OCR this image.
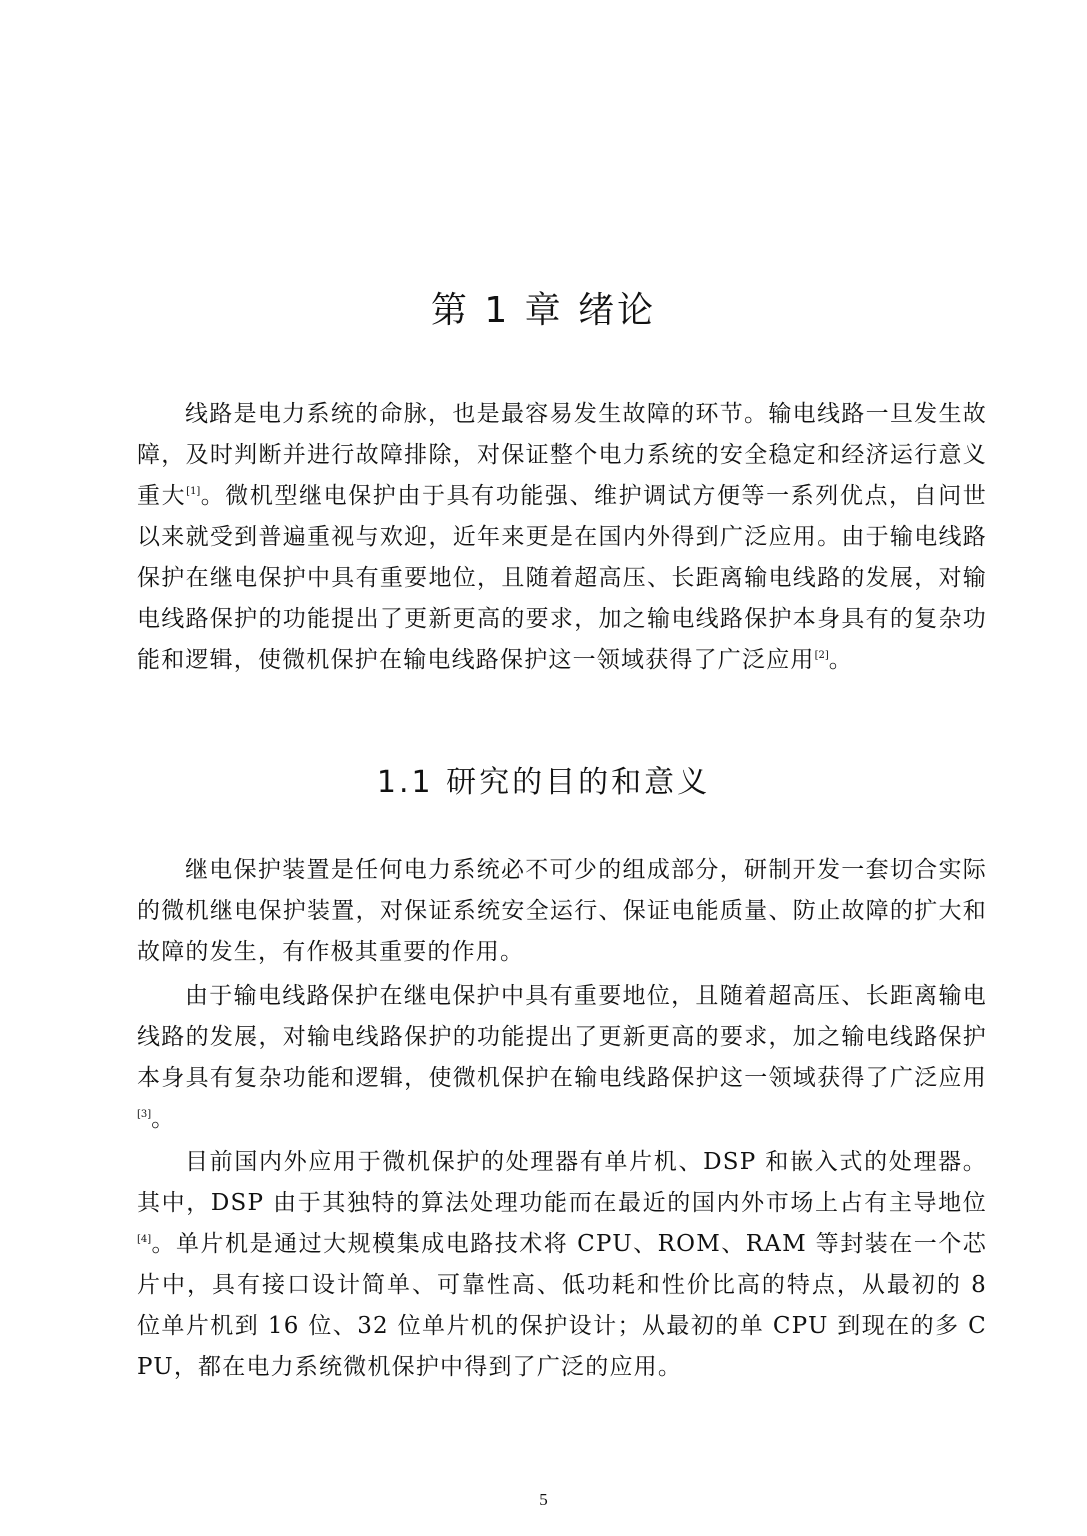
第 1 章 绪论

线路是电力系统的命脉，也是最容易发生故障的环节。输电线路一旦发生故障，及时判断并进行故障排除，对保证整个电力系统的安全稳定和经济运行意义重大[1]。微机型继电保护由于具有功能强、维护调试方便等一系列优点，自问世以来就受到普遍重视与欢迎，近年来更是在国内外得到广泛应用。由于输电线路保护在继电保护中具有重要地位，且随着超高压、长距离输电线路的发展，对输电线路保护的功能提出了更新更高的要求，加之输电线路保护本身具有的复杂功能和逻辑，使微机保护在输电线路保护这一领域获得了广泛应用[2]。

1.1 研究的目的和意义

继电保护装置是任何电力系统必不可少的组成部分，研制开发一套切合实际的微机继电保护装置，对保证系统安全运行、保证电能质量、防止故障的扩大和故障的发生，有作极其重要的作用。

由于输电线路保护在继电保护中具有重要地位，且随着超高压、长距离输电线路的发展，对输电线路保护的功能提出了更新更高的要求，加之输电线路保护本身具有复杂功能和逻辑，使微机保护在输电线路保护这一领域获得了广泛应用[3]。

目前国内外应用于微机保护的处理器有单片机、DSP 和嵌入式的处理器。其中，DSP 由于其独特的算法处理功能而在最近的国内外市场上占有主导地位[4]。单片机是通过大规模集成电路技术将 CPU、ROM、RAM 等封装在一个芯片中，具有接口设计简单、可靠性高、低功耗和性价比高的特点，从最初的 8 位单片机到 16 位、32 位单片机的保护设计；从最初的单 CPU 到现在的多 CPU，都在电力系统微机保护中得到了广泛的应用。

5
